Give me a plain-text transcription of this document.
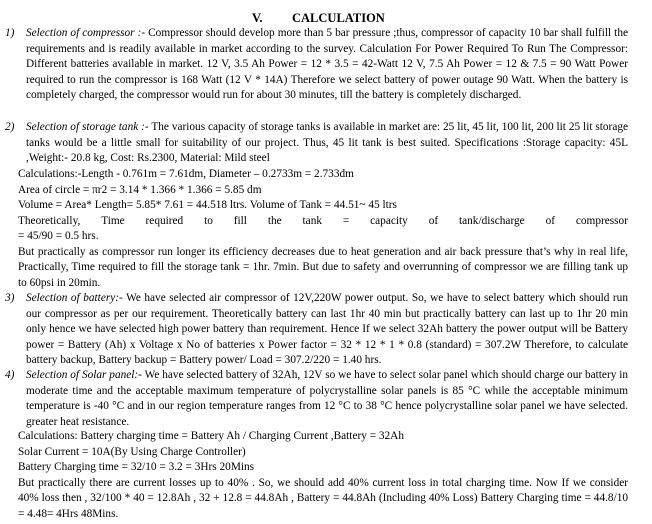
V. CALCULATION
1) Selection of compressor :- Compressor should develop more than 5 bar pressure ;thus, compressor of capacity 10 bar shall fulfill the requirements and is readily available in market according to the survey. Calculation For Power Required To Run The Compressor: Different batteries available in market. 12 V, 3.5 Ah Power = 12 * 3.5 = 42-Watt 12 V, 7.5 Ah Power = 12 & 7.5 = 90 Watt Power required to run the compressor is 168 Watt (12 V * 14A) Therefore we select battery of power outage 90 Watt. When the battery is completely charged, the compressor would run for about 30 minutes, till the battery is completely discharged.
2) Selection of storage tank :- The various capacity of storage tanks is available in market are: 25 lit, 45 lit, 100 lit, 200 lit 25 lit storage tanks would be a little small for suitability of our project. Thus, 45 lit tank is best suited. Specifications :Storage capacity: 45L ,Weight:- 20.8 kg, Cost: Rs.2300, Material: Mild steel
Calculations:-Length - 0.761m = 7.61dm, Diameter – 0.2733m = 2.733dm
Area of circle = πr2 = 3.14 * 1.366 * 1.366 = 5.85 dm
Volume = Area* Length= 5.85* 7.61 = 44.518 ltrs. Volume of Tank = 44.51~ 45 ltrs
Theoretically, Time required to fill the tank = capacity of tank/discharge of compressor
= 45/90 = 0.5 hrs.
But practically as compressor run longer its efficiency decreases due to heat generation and air back pressure that’s why in real life, Practically, Time required to fill the storage tank = 1hr. 7min. But due to safety and overrunning of compressor we are filling tank up to 60psi in 20min.
3) Selection of battery:- We have selected air compressor of 12V,220W power output. So, we have to select battery which should run our compressor as per our requirement. Theoretically battery can last 1hr 40 min but practically battery can last up to 1hr 20 min only hence we have selected high power battery than requirement. Hence If we select 32Ah battery the power output will be Battery power = Battery (Ah) x Voltage x No of batteries x Power factor = 32 * 12 * 1 * 0.8 (standard) = 307.2W Therefore, to calculate battery backup, Battery backup = Battery power/ Load = 307.2/220 = 1.40 hrs.
4) Selection of Solar panel:- We have selected battery of 32Ah, 12V so we have to select solar panel which should charge our battery in moderate time and the acceptable maximum temperature of polycrystalline solar panels is 85 °C while the acceptable minimum temperature is -40 °C and in our region temperature ranges from 12 °C to 38 °C hence polycrystalline solar panel we have selected. greater heat resistance.
Calculations: Battery charging time = Battery Ah / Charging Current ,Battery = 32Ah
Solar Current = 10A(By Using Charge Controller)
Battery Charging time = 32/10 = 3.2 = 3Hrs 20Mins
But practically there are current losses up to 40% . So, we should add 40% current loss in total charging time. Now If we consider 40% loss then , 32/100 * 40 = 12.8Ah , 32 + 12.8 = 44.8Ah , Battery = 44.8Ah (Including 40% Loss) Battery Charging time = 44.8/10 = 4.48= 4Hrs 48Mins.
